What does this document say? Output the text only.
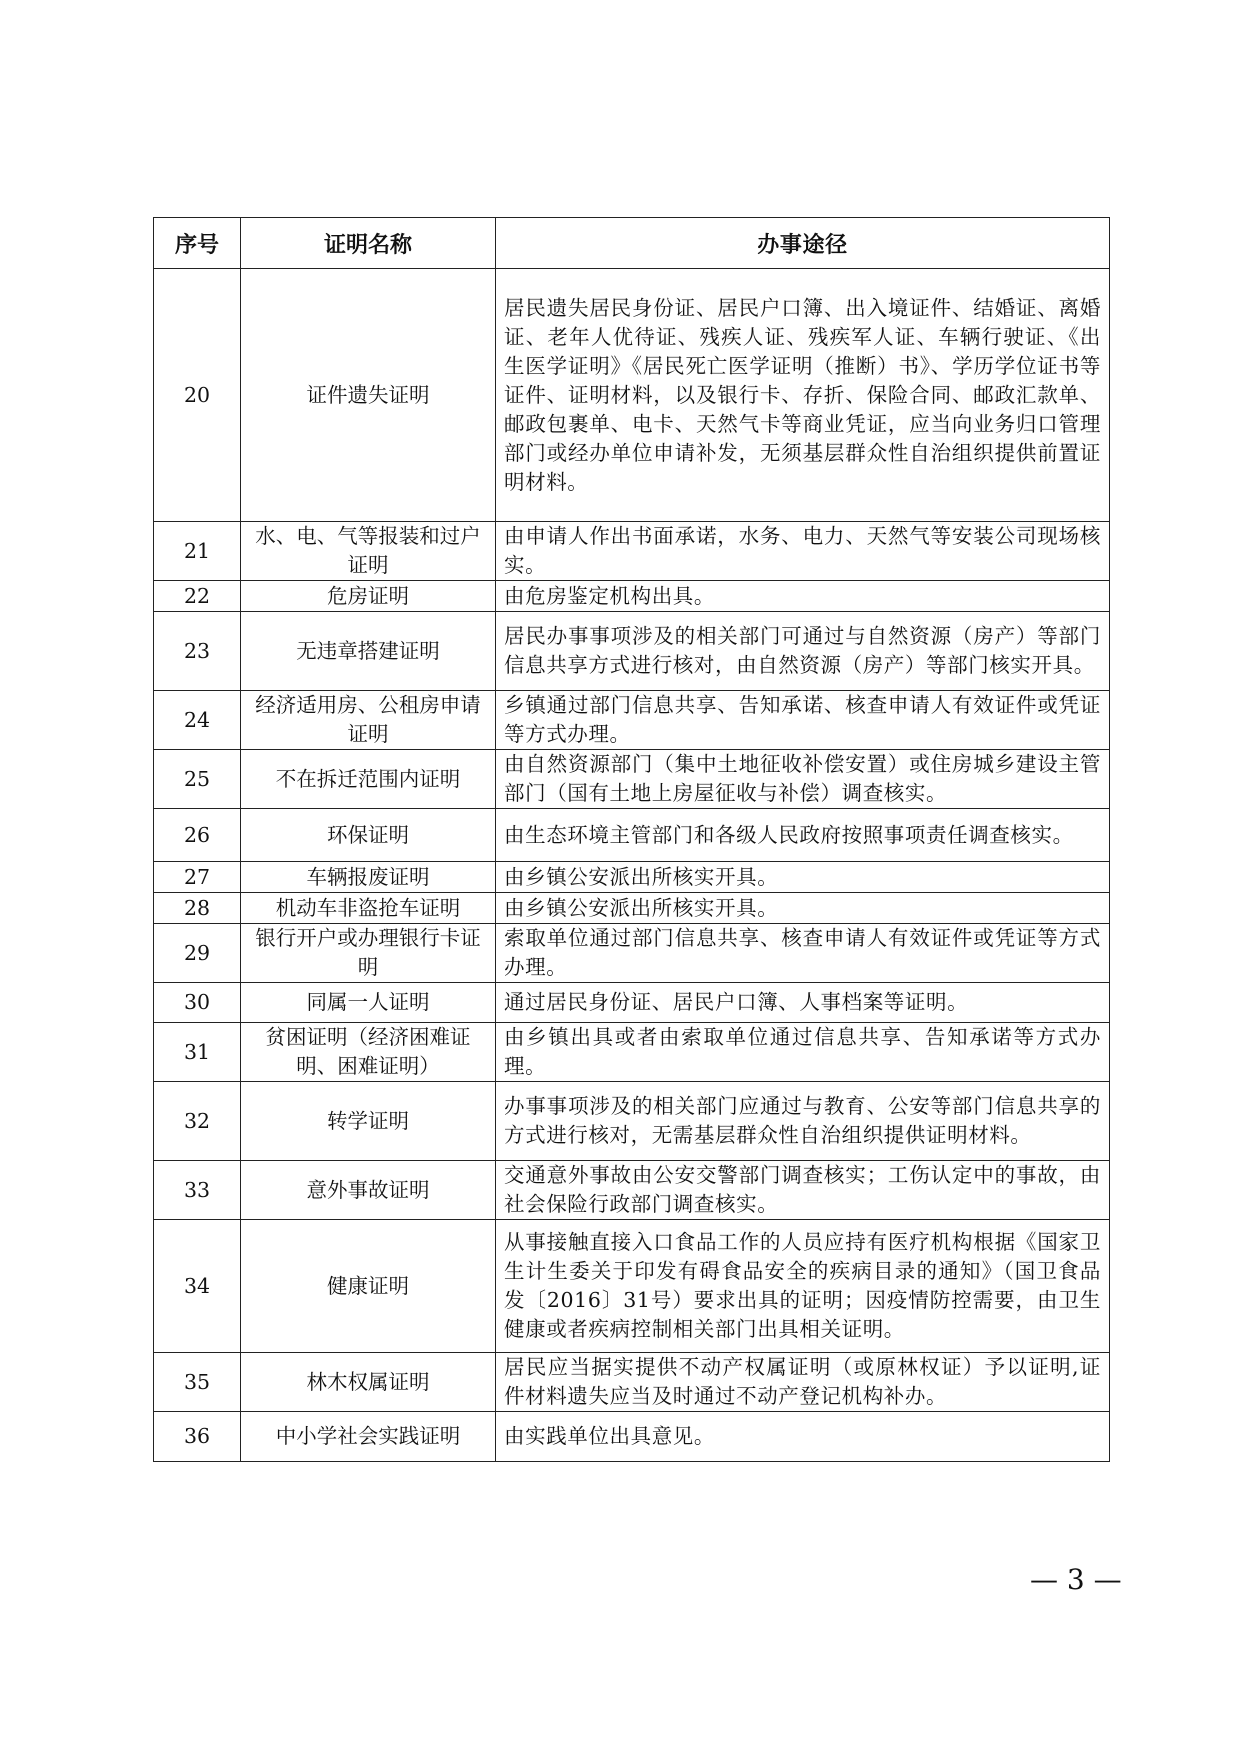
序号	证明名称	办事途径
20	证件遗失证明	居民遗失居民身份证、居民户口簿、出入境证件、结婚证、离婚证、老年人优待证、残疾人证、残疾军人证、车辆行驶证、《出生医学证明》《居民死亡医学证明（推断）书》、学历学位证书等证件、证明材料，以及银行卡、存折、保险合同、邮政汇款单、邮政包裹单、电卡、天然气卡等商业凭证，应当向业务归口管理部门或经办单位申请补发，无须基层群众性自治组织提供前置证明材料。
21	水、电、气等报装和过户证明	由申请人作出书面承诺，水务、电力、天然气等安装公司现场核实。
22	危房证明	由危房鉴定机构出具。
23	无违章搭建证明	居民办事事项涉及的相关部门可通过与自然资源（房产）等部门信息共享方式进行核对，由自然资源（房产）等部门核实开具。
24	经济适用房、公租房申请证明	乡镇通过部门信息共享、告知承诺、核查申请人有效证件或凭证等方式办理。
25	不在拆迁范围内证明	由自然资源部门（集中土地征收补偿安置）或住房城乡建设主管部门（国有土地上房屋征收与补偿）调查核实。
26	环保证明	由生态环境主管部门和各级人民政府按照事项责任调查核实。
27	车辆报废证明	由乡镇公安派出所核实开具。
28	机动车非盗抢车证明	由乡镇公安派出所核实开具。
29	银行开户或办理银行卡证明	索取单位通过部门信息共享、核查申请人有效证件或凭证等方式办理。
30	同属一人证明	通过居民身份证、居民户口簿、人事档案等证明。
31	贫困证明（经济困难证明、困难证明）	由乡镇出具或者由索取单位通过信息共享、告知承诺等方式办理。
32	转学证明	办事事项涉及的相关部门应通过与教育、公安等部门信息共享的方式进行核对，无需基层群众性自治组织提供证明材料。
33	意外事故证明	交通意外事故由公安交警部门调查核实；工伤认定中的事故，由社会保险行政部门调查核实。
34	健康证明	从事接触直接入口食品工作的人员应持有医疗机构根据《国家卫生计生委关于印发有碍食品安全的疾病目录的通知》（国卫食品发〔2016〕31号）要求出具的证明；因疫情防控需要，由卫生健康或者疾病控制相关部门出具相关证明。
35	林木权属证明	居民应当据实提供不动产权属证明（或原林权证）予以证明,证件材料遗失应当及时通过不动产登记机构补办。
36	中小学社会实践证明	由实践单位出具意见。
— 3 —
